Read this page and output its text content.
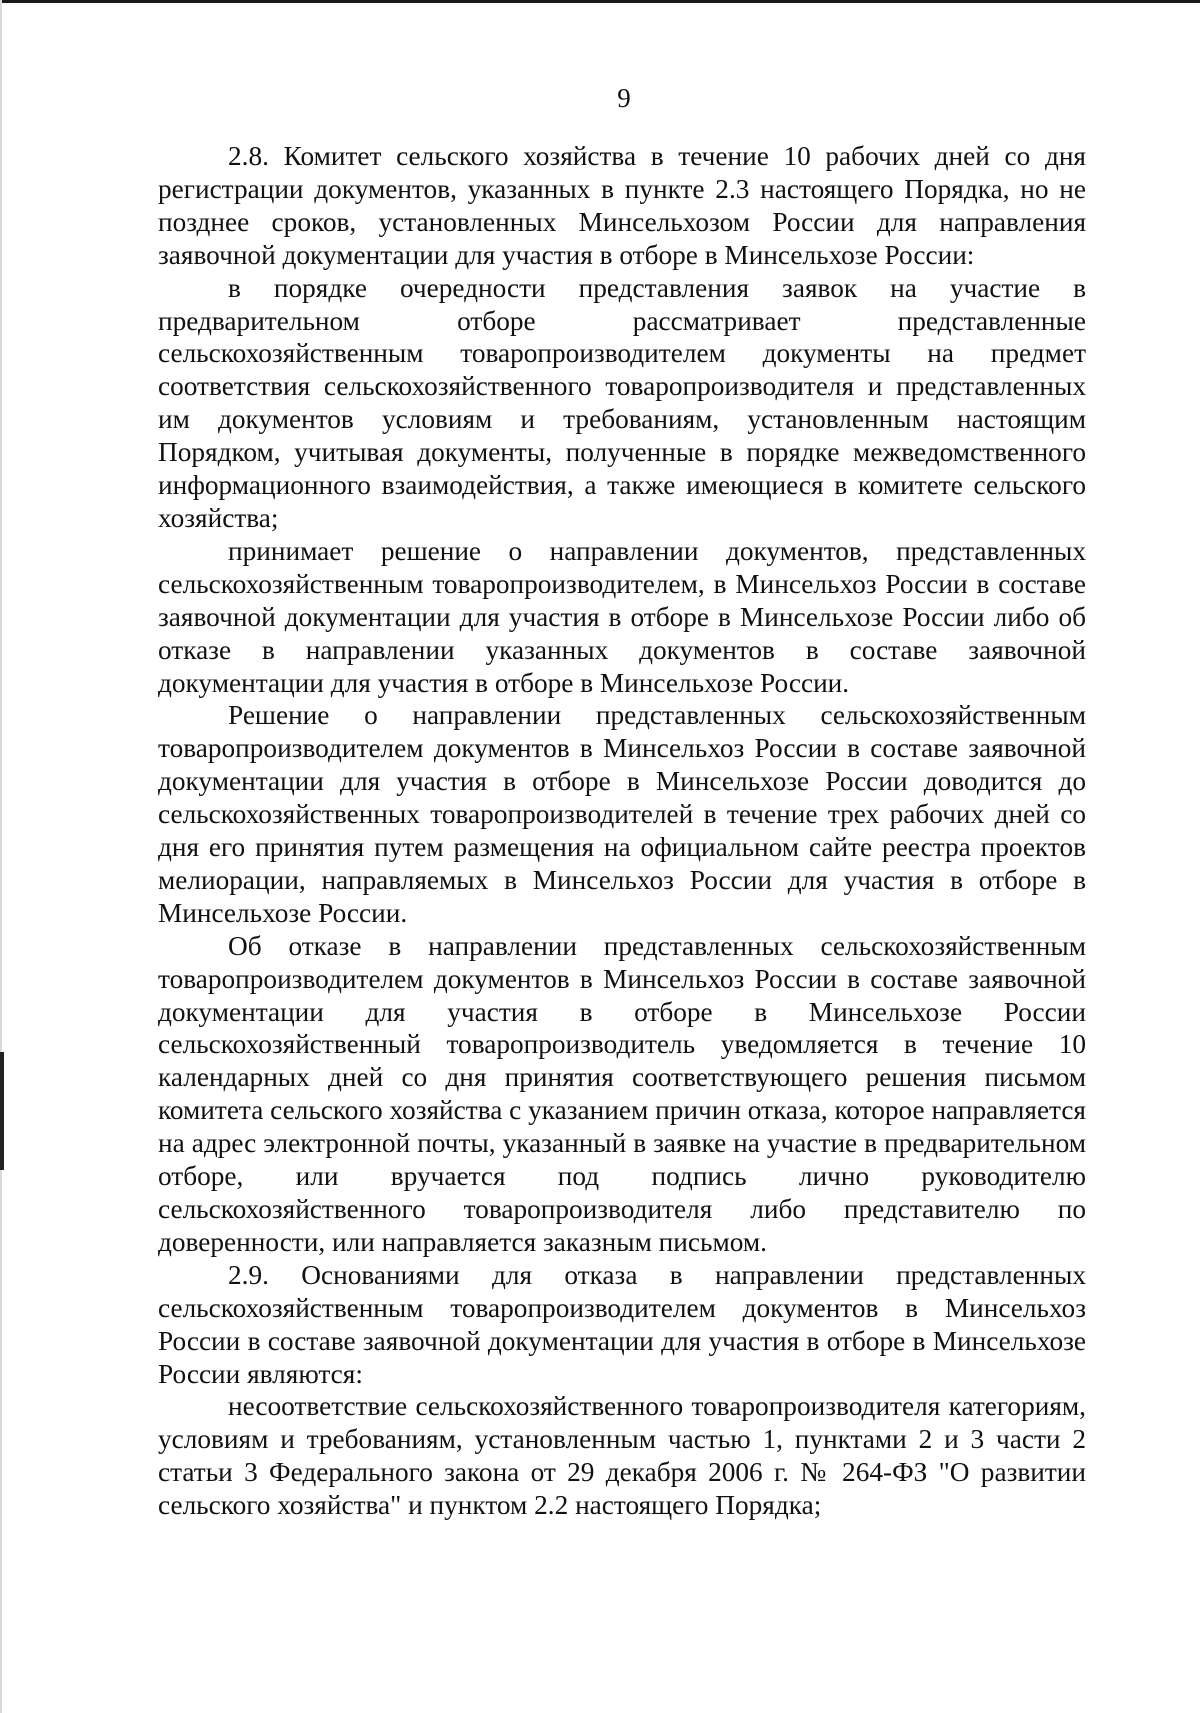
9

2.8. Комитет сельского хозяйства в течение 10 рабочих дней со дня регистрации документов, указанных в пункте 2.3 настоящего Порядка, но не позднее сроков, установленных Минсельхозом России для направления заявочной документации для участия в отборе в Минсельхозе России:

в порядке очередности представления заявок на участие в предварительном отборе рассматривает представленные сельскохозяйственным товаропроизводителем документы на предмет соответствия сельскохозяйственного товаропроизводителя и представленных им документов условиям и требованиям, установленным настоящим Порядком, учитывая документы, полученные в порядке межведомственного информационного взаимодействия, а также имеющиеся в комитете сельского хозяйства;

принимает решение о направлении документов, представленных сельскохозяйственным товаропроизводителем, в Минсельхоз России в составе заявочной документации для участия в отборе в Минсельхозе России либо об отказе в направлении указанных документов в составе заявочной документации для участия в отборе в Минсельхозе России.

Решение о направлении представленных сельскохозяйственным товаропроизводителем документов в Минсельхоз России в составе заявочной документации для участия в отборе в Минсельхозе России доводится до сельскохозяйственных товаропроизводителей в течение трех рабочих дней со дня его принятия путем размещения на официальном сайте реестра проектов мелиорации, направляемых в Минсельхоз России для участия в отборе в Минсельхозе России.

Об отказе в направлении представленных сельскохозяйственным товаропроизводителем документов в Минсельхоз России в составе заявочной документации для участия в отборе в Минсельхозе России сельскохозяйственный товаропроизводитель уведомляется в течение 10 календарных дней со дня принятия соответствующего решения письмом комитета сельского хозяйства с указанием причин отказа, которое направляется на адрес электронной почты, указанный в заявке на участие в предварительном отборе, или вручается под подпись лично руководителю сельскохозяйственного товаропроизводителя либо представителю по доверенности, или направляется заказным письмом.

2.9. Основаниями для отказа в направлении представленных сельскохозяйственным товаропроизводителем документов в Минсельхоз России в составе заявочной документации для участия в отборе в Минсельхозе России являются:

несоответствие сельскохозяйственного товаропроизводителя категориям, условиям и требованиям, установленным частью 1, пунктами 2 и 3 части 2 статьи 3 Федерального закона от 29 декабря 2006 г. № 264-ФЗ "О развитии сельского хозяйства" и пунктом 2.2 настоящего Порядка;
